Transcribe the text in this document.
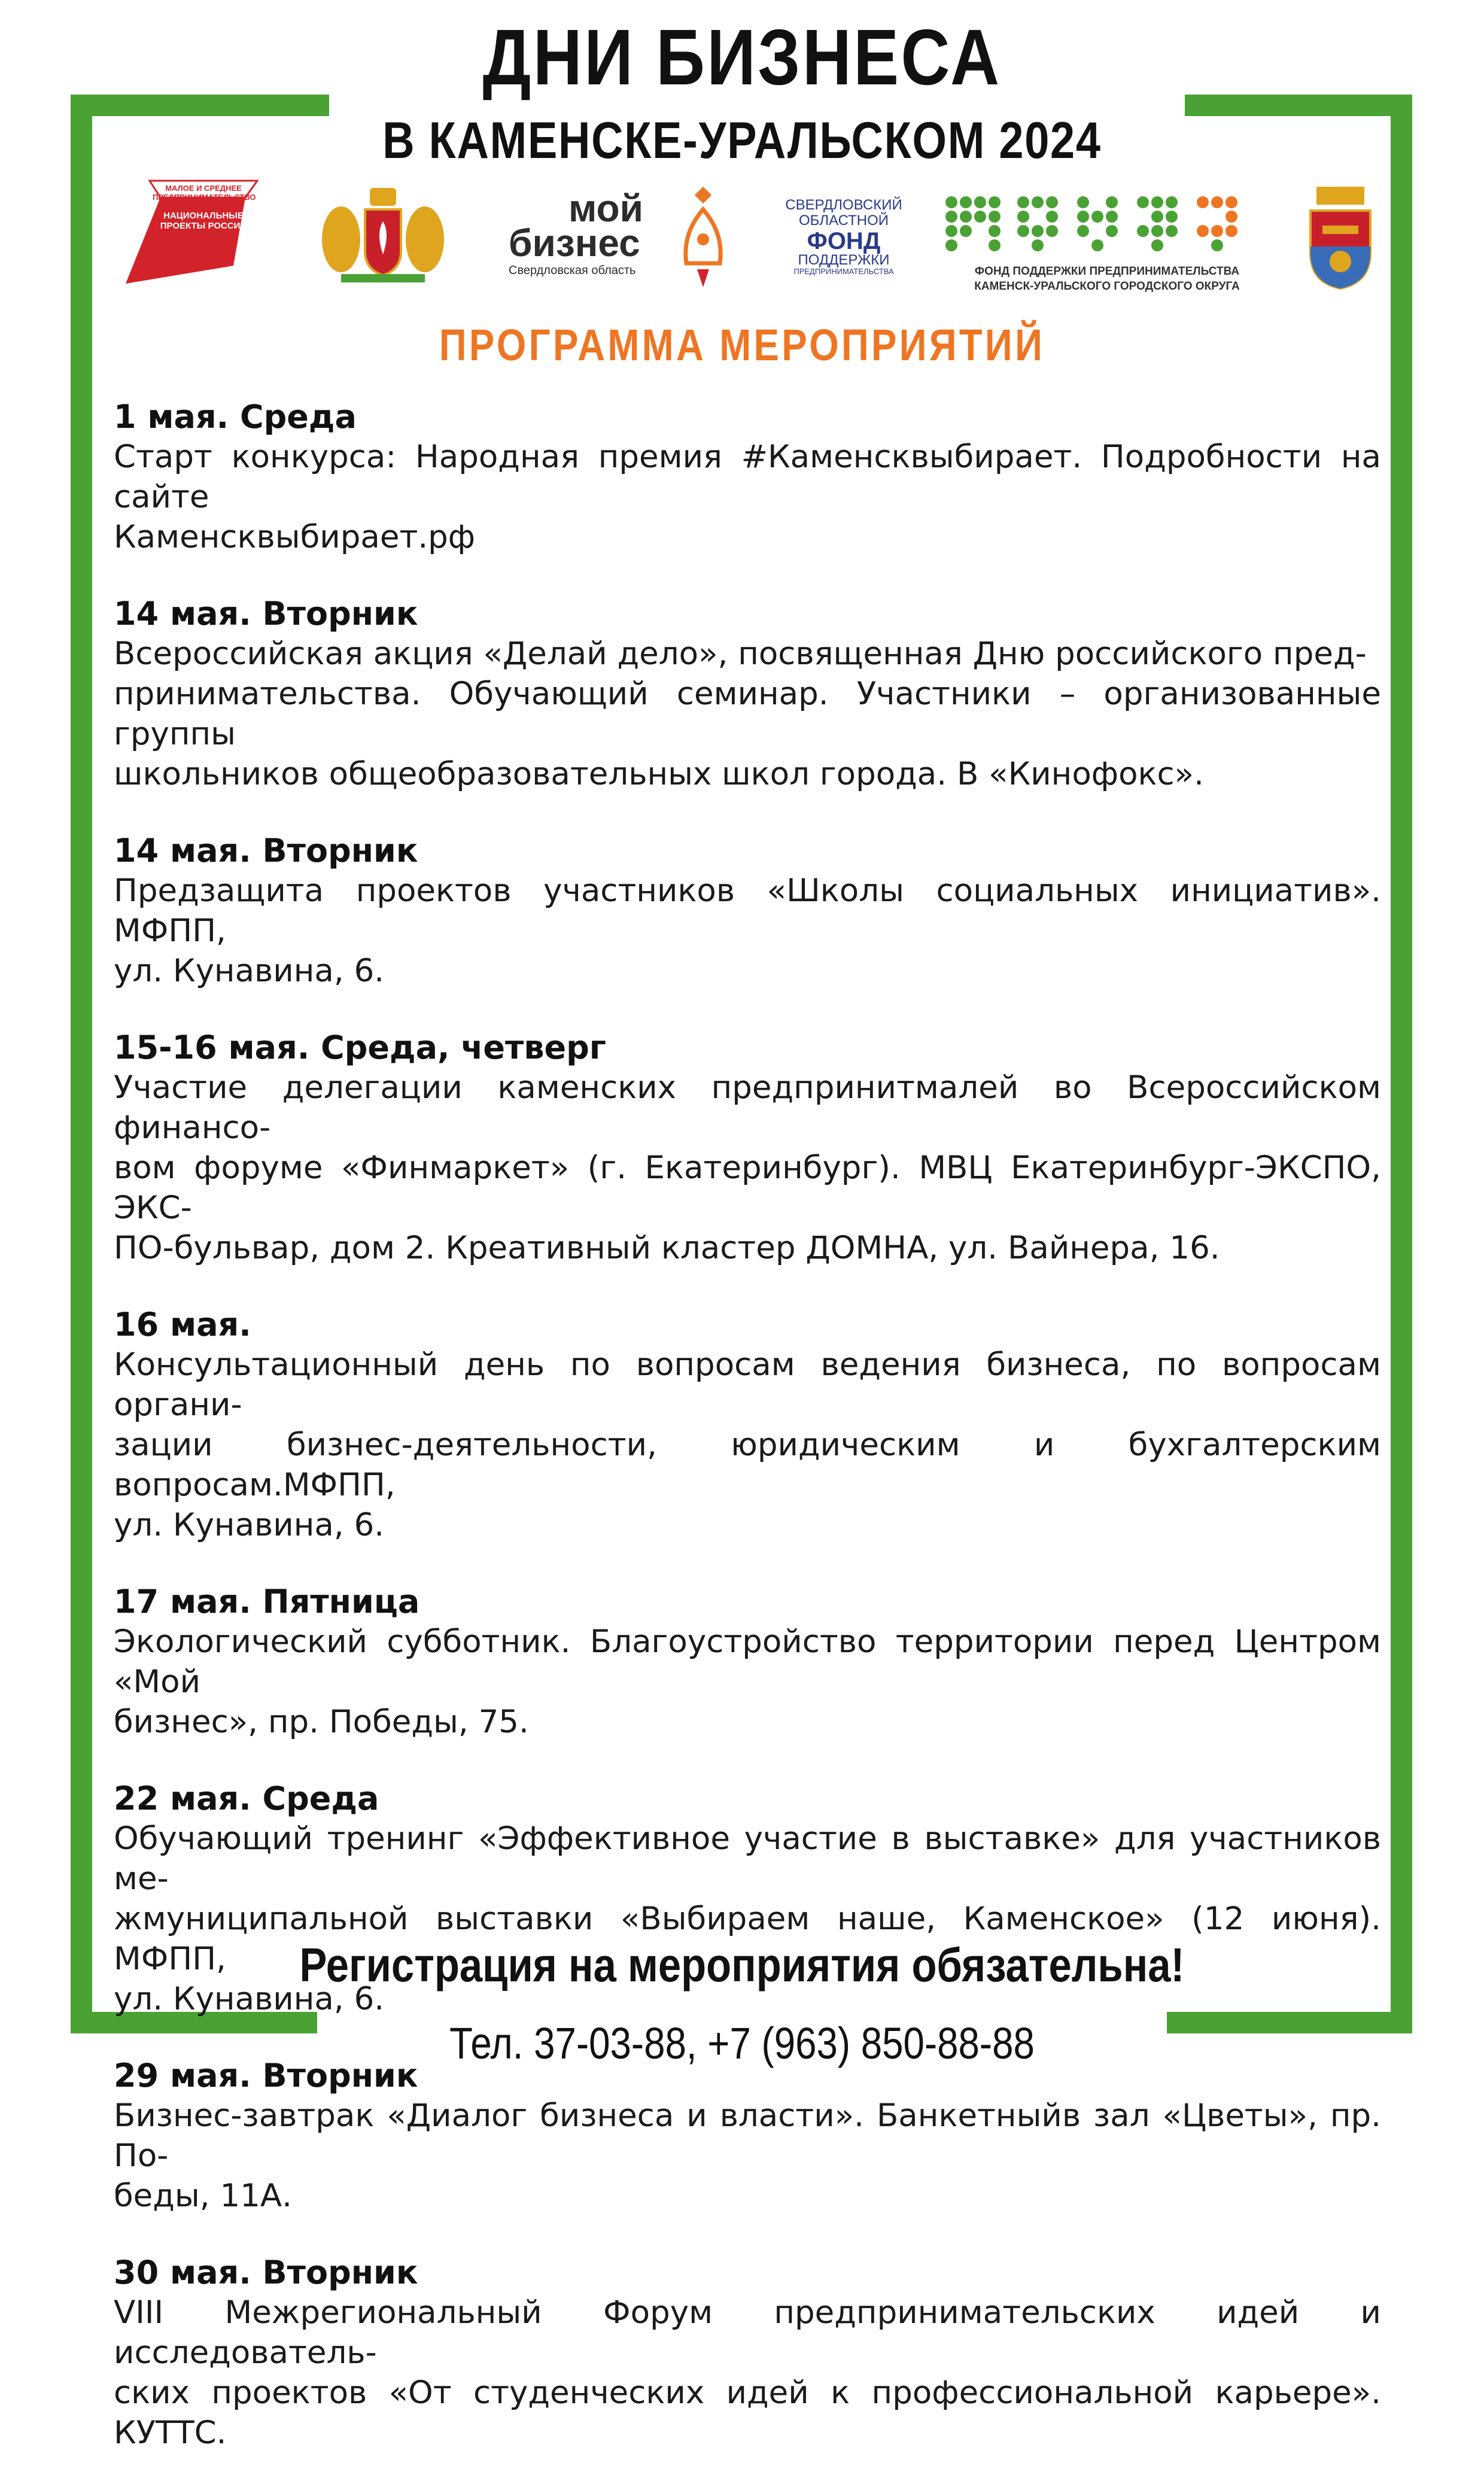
ДНИ БИЗНЕСА
В КАМЕНСКЕ-УРАЛЬСКОМ 2024
МАЛОЕ И СРЕДНЕЕ ПРЕДПРИНИМАТЕЛЬСТВО
НАЦИОНАЛЬНЫЕ ПРОЕКТЫ РОССИИ	мой
бизнес
Свердловская область
СВЕРДЛОВСКИЙ
ОБЛАСТНОЙ
ФОНД
ПОДДЕРЖКИ
ПРЕДПРИНИМАТЕЛЬСТВА	ФОНД ПОДДЕРЖКИ ПРЕДПРИНИМАТЕЛЬСТВА
КАМЕНСК-УРАЛЬСКОГО ГОРОДСКОГО ОКРУГА
ПРОГРАММА МЕРОПРИЯТИЙ
1 мая. Среда
Старт конкурса: Народная премия #Каменсквыбирает. Подробности на сайте
Каменсквыбирает.рф
14 мая. Вторник
Всероссийская акция «Делай дело», посвященная Дню российского пред-
принимательства. Обучающий семинар. Участники – организованные группы
школьников общеобразовательных школ города. В «Кинофокс».
14 мая. Вторник
Предзащита проектов участников «Школы социальных инициатив». МФПП,
ул. Кунавина, 6.
15-16 мая. Среда, четверг
Участие делегации каменских предпринитмалей во Всероссийском финансо-
вом форуме «Финмаркет» (г. Екатеринбург). МВЦ Екатеринбург-ЭКСПО, ЭКС-
ПО-бульвар, дом 2. Креативный кластер ДОМНА, ул. Вайнера, 16.
16 мая.
Консультационный день по вопросам ведения бизнеса, по вопросам органи-
зации бизнес-деятельности, юридическим и бухгалтерским вопросам.МФПП,
ул. Кунавина, 6.
17 мая. Пятница
Экологический субботник. Благоустройство территории перед Центром «Мой
бизнес», пр. Победы, 75.
22 мая. Среда
Обучающий тренинг «Эффективное участие в выставке» для участников ме-
жмуниципальной выставки «Выбираем наше, Каменское» (12 июня). МФПП,
ул. Кунавина, 6.
29 мая. Вторник
Бизнес-завтрак «Диалог бизнеса и власти». Банкетныйв зал «Цветы», пр. По-
беды, 11А.
30 мая. Вторник
VIII Межрегиональный Форум предпринимательских идей и исследователь-
ских проектов «От студенческих идей к профессиональной карьере». КУТТС.
Регистрация на мероприятия обязательна!
Тел. 37-03-88, +7 (963) 850-88-88
